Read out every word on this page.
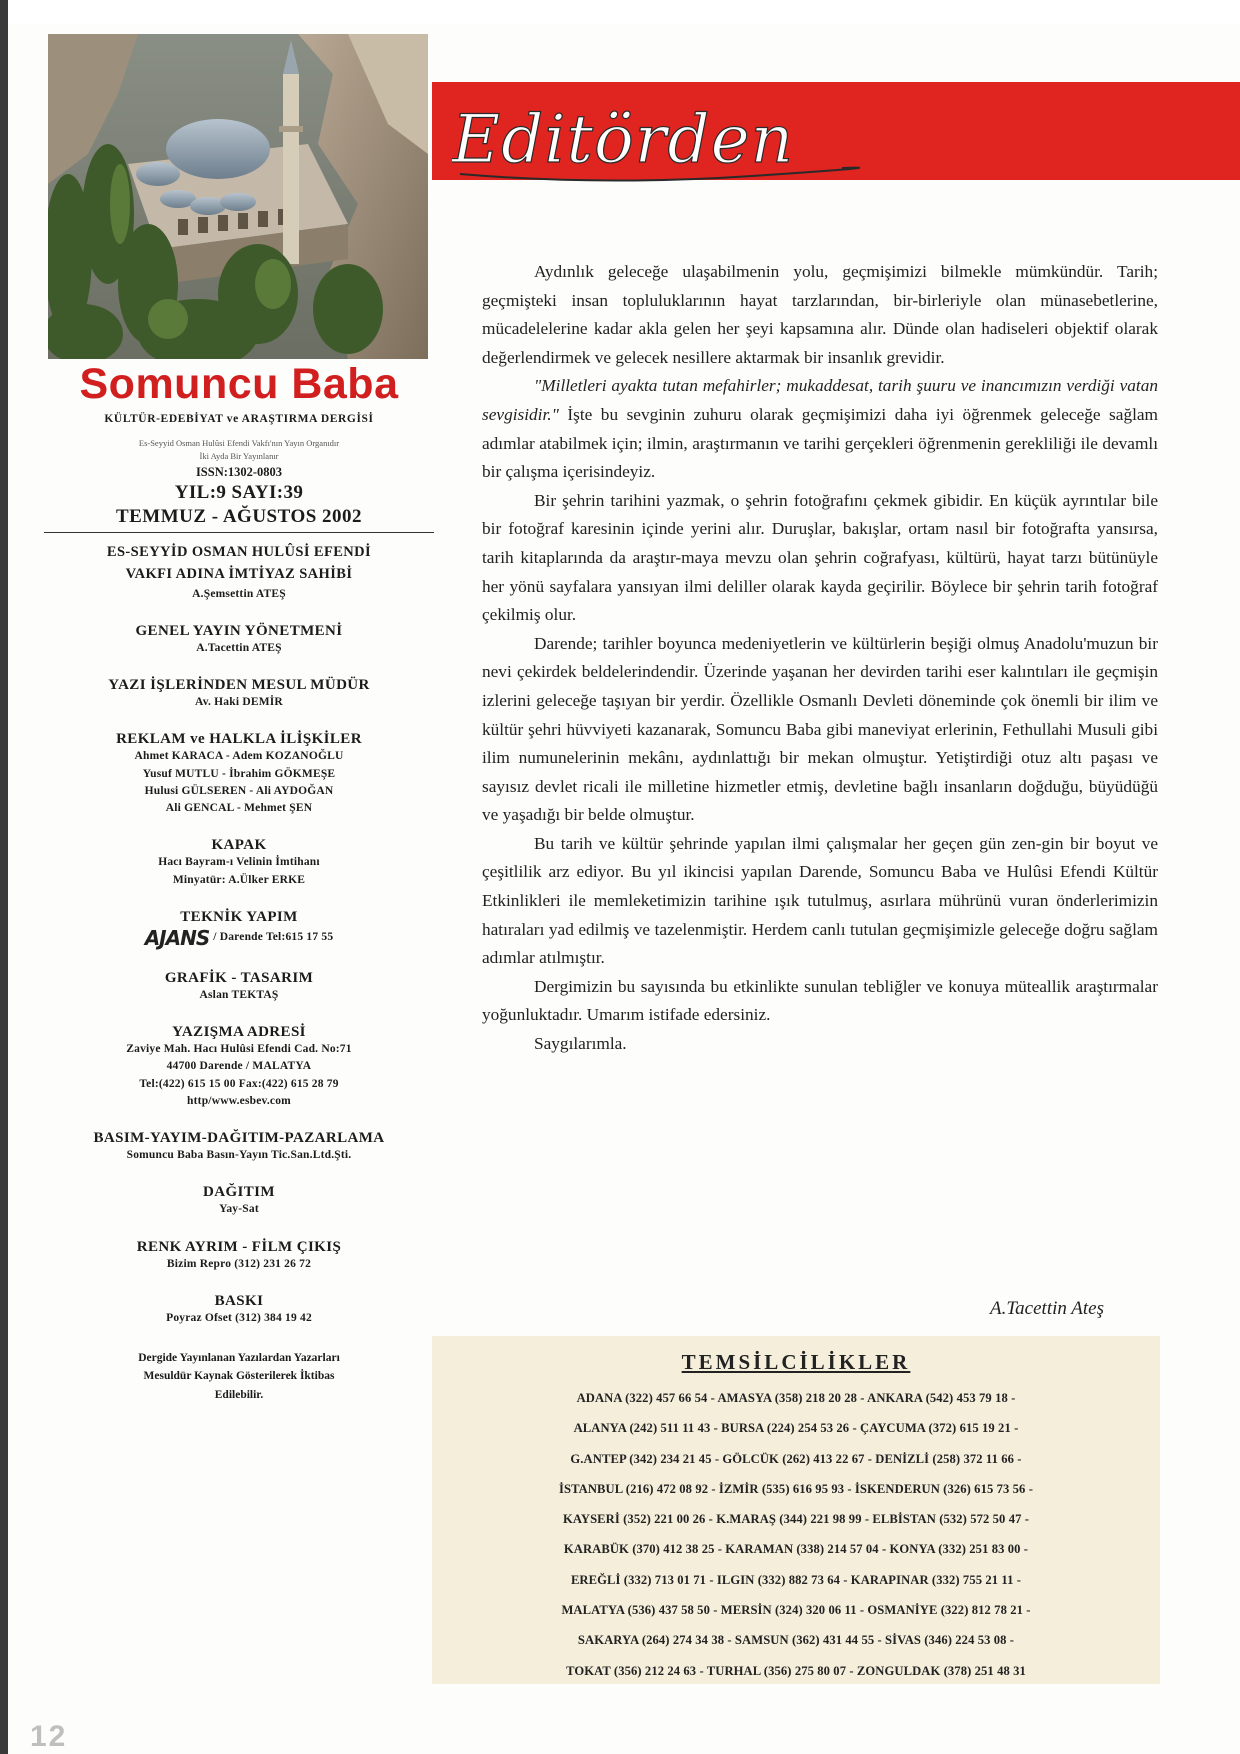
Somuncu Baba
KÜLTÜR-EDEBİYAT ve ARAŞTIRMA DERGİSİ
Es-Seyyid Osman Hulûsi Efendi Vakfı'nın Yayın Organıdır
İki Ayda Bir Yayınlanır
ISSN:1302-0803
YIL:9 SAYI:39
TEMMUZ - AĞUSTOS 2002
ES-SEYYİD OSMAN HULÛSİ EFENDİ
VAKFI ADINA İMTİYAZ SAHİBİ
A.Şemsettin ATEŞ
GENEL YAYIN YÖNETMENİ
A.Tacettin ATEŞ
YAZI İŞLERİNDEN MESUL MÜDÜR
Av. Haki DEMİR
REKLAM ve HALKLA İLİŞKİLER
Ahmet KARACA - Adem KOZANOĞLU
Yusuf MUTLU - İbrahim GÖKMEŞE
Hulusi GÜLSEREN - Ali AYDOĞAN
Ali GENCAL - Mehmet ŞEN
KAPAK
Hacı Bayram-ı Velinin İmtihanı
Minyatür: A.Ülker ERKE
TEKNİK YAPIM
AJANS / Darende Tel:615 17 55
GRAFİK - TASARIM
Aslan TEKTAŞ
YAZIŞMA ADRESİ
Zaviye Mah. Hacı Hulûsi Efendi Cad. No:71
44700 Darende / MALATYA
Tel:(422) 615 15 00 Fax:(422) 615 28 79
http/www.esbev.com
BASIM-YAYIM-DAĞITIM-PAZARLAMA
Somuncu Baba Basın-Yayın Tic.San.Ltd.Şti.
DAĞITIM
Yay-Sat
RENK AYRIM - FİLM ÇIKIŞ
Bizim Repro (312) 231 26 72
BASKI
Poyraz Ofset (312) 384 19 42
Dergide Yayınlanan Yazılardan Yazarları
Mesuldür Kaynak Gösterilerek İktibas
Edilebilir.
12
Editörden

Aydınlık geleceğe ulaşabilmenin yolu, geçmişimizi bilmekle mümkündür. Tarih; geçmişteki insan topluluklarının hayat tarzlarından, bir-birleriyle olan münasebetlerine, mücadelelerine kadar akla gelen her şeyi kapsamına alır. Dünde olan hadiseleri objektif olarak değerlendirmek ve gelecek nesillere aktarmak bir insanlık grevidir.

"Milletleri ayakta tutan mefahirler; mukaddesat, tarih şuuru ve inancımızın verdiği vatan sevgisidir." İşte bu sevginin zuhuru olarak geçmişimizi daha iyi öğrenmek geleceğe sağlam adımlar atabilmek için; ilmin, araştırmanın ve tarihi gerçekleri öğrenmenin gerekliliği ile devamlı bir çalışma içerisindeyiz.

Bir şehrin tarihini yazmak, o şehrin fotoğrafını çekmek gibidir. En küçük ayrıntılar bile bir fotoğraf karesinin içinde yerini alır. Duruşlar, bakışlar, ortam nasıl bir fotoğrafta yansırsa, tarih kitaplarında da araştır-maya mevzu olan şehrin coğrafyası, kültürü, hayat tarzı bütünüyle her yönü sayfalara yansıyan ilmi deliller olarak kayda geçirilir. Böylece bir şehrin tarih fotoğraf çekilmiş olur.

Darende; tarihler boyunca medeniyetlerin ve kültürlerin beşiği olmuş Anadolu'muzun bir nevi çekirdek beldelerindendir. Üzerinde yaşanan her devirden tarihi eser kalıntıları ile geçmişin izlerini geleceğe taşıyan bir yerdir. Özellikle Osmanlı Devleti döneminde çok önemli bir ilim ve kültür şehri hüvviyeti kazanarak, Somuncu Baba gibi maneviyat erlerinin, Fethullahi Musuli gibi ilim numunelerinin mekânı, aydınlattığı bir mekan olmuştur. Yetiştirdiği otuz altı paşası ve sayısız devlet ricali ile milletine hizmetler etmiş, devletine bağlı insanların doğduğu, büyüdüğü ve yaşadığı bir belde olmuştur.

Bu tarih ve kültür şehrinde yapılan ilmi çalışmalar her geçen gün zen-gin bir boyut ve çeşitlilik arz ediyor. Bu yıl ikincisi yapılan Darende, Somuncu Baba ve Hulûsi Efendi Kültür Etkinlikleri ile memleketimizin tarihine ışık tutulmuş, asırlara mührünü vuran önderlerimizin hatıraları yad edilmiş ve tazelenmiştir. Herdem canlı tutulan geçmişimizle geleceğe doğru sağlam adımlar atılmıştır.

Dergimizin bu sayısında bu etkinlikte sunulan tebliğler ve konuya müteallik araştırmalar yoğunluktadır. Umarım istifade edersiniz.

Saygılarımla.

A.Tacettin Ateş
TEMSİLCİLİKLER
ADANA (322) 457 66 54 - AMASYA (358) 218 20 28 - ANKARA (542) 453 79 18 -
ALANYA (242) 511 11 43 - BURSA (224) 254 53 26 - ÇAYCUMA (372) 615 19 21 -
G.ANTEP (342) 234 21 45 - GÖLCÜK (262) 413 22 67 - DENİZLİ (258) 372 11 66 -
İSTANBUL (216) 472 08 92 - İZMİR (535) 616 95 93 - İSKENDERUN (326) 615 73 56 -
KAYSERİ (352) 221 00 26 - K.MARAŞ (344) 221 98 99 - ELBİSTAN (532) 572 50 47 -
KARABÜK (370) 412 38 25 - KARAMAN (338) 214 57 04 - KONYA (332) 251 83 00 -
EREĞLİ (332) 713 01 71 - ILGIN (332) 882 73 64 - KARAPINAR (332) 755 21 11 -
MALATYA (536) 437 58 50 - MERSİN (324) 320 06 11 - OSMANİYE (322) 812 78 21 -
SAKARYA (264) 274 34 38 - SAMSUN (362) 431 44 55 - SİVAS (346) 224 53 08 -
TOKAT (356) 212 24 63 - TURHAL (356) 275 80 07 - ZONGULDAK (378) 251 48 31
